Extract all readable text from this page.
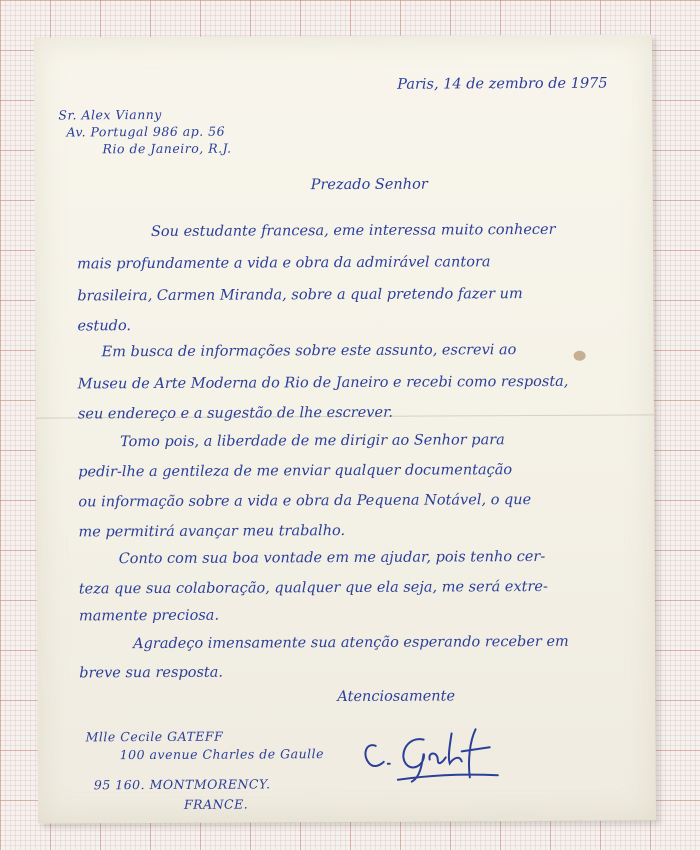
Paris, 14 de zembro de 1975
Sr. Alex Vianny
Av. Portugal 986 ap. 56
Rio de Janeiro, R.J.
Prezado Senhor
Sou estudante francesa, eme interessa muito conhecer
mais profundamente a vida e obra da admirável cantora
brasileira, Carmen Miranda, sobre a qual pretendo fazer um
estudo.
Em busca de informações sobre este assunto, escrevi ao
Museu de Arte Moderna do Rio de Janeiro e recebi como resposta,
seu endereço e a sugestão de lhe escrever.
Tomo pois, a liberdade de me dirigir ao Senhor para
pedir-lhe a gentileza de me enviar qualquer documentação
ou informação sobre a vida e obra da Pequena Notável, o que
me permitirá avançar meu trabalho.
Conto com sua boa vontade em me ajudar, pois tenho cer-
teza que sua colaboração, qualquer que ela seja, me será extre-
mamente preciosa.
Agradeço imensamente sua atenção esperando receber em
breve sua resposta.
Atenciosamente
Mlle Cecile GATEFF
100 avenue Charles de Gaulle
95 160. MONTMORENCY.
FRANCE.
